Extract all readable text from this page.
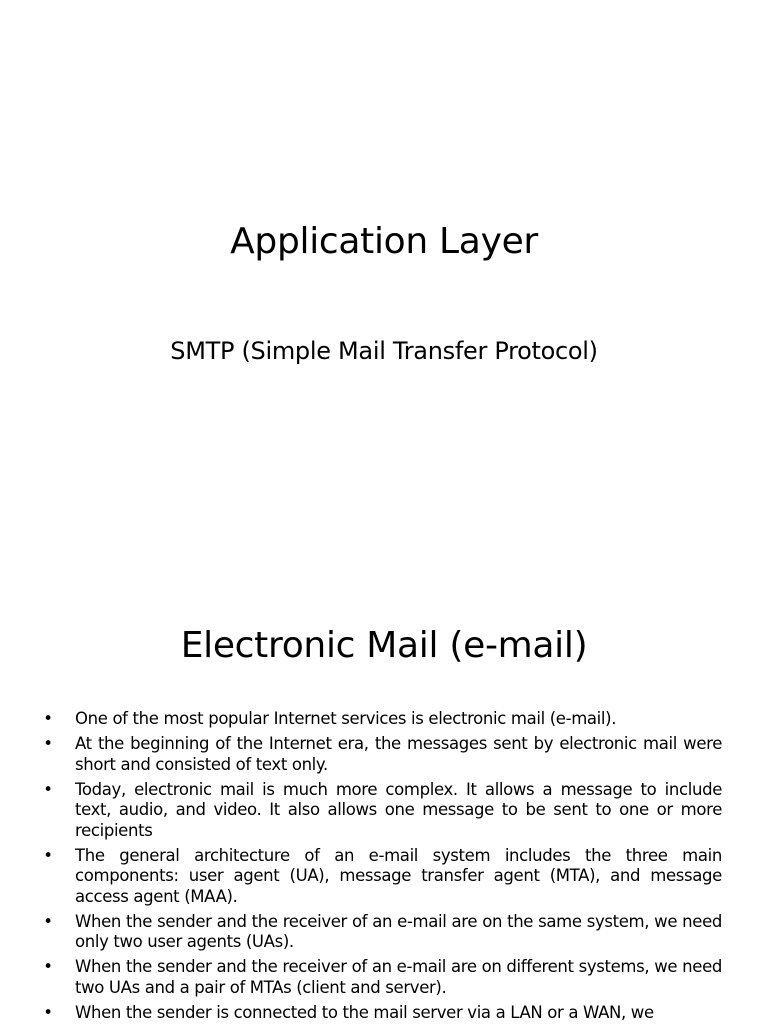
Application Layer
SMTP (Simple Mail Transfer Protocol)
Electronic Mail (e-mail)
• One of the most popular Internet services is electronic mail (e-mail).
• At the beginning of the Internet era, the messages sent by electronic mail were short and consisted of text only.
• Today, electronic mail is much more complex. It allows a message to include text, audio, and video. It also allows one message to be sent to one or more recipients
• The general architecture of an e-mail system includes the three main components: user agent (UA), message transfer agent (MTA), and message access agent (MAA).
• When the sender and the receiver of an e-mail are on the same system, we need only two user agents (UAs).
• When the sender and the receiver of an e-mail are on different systems, we need two UAs and a pair of MTAs (client and server).
• When the sender is connected to the mail server via a LAN or a WAN, we
